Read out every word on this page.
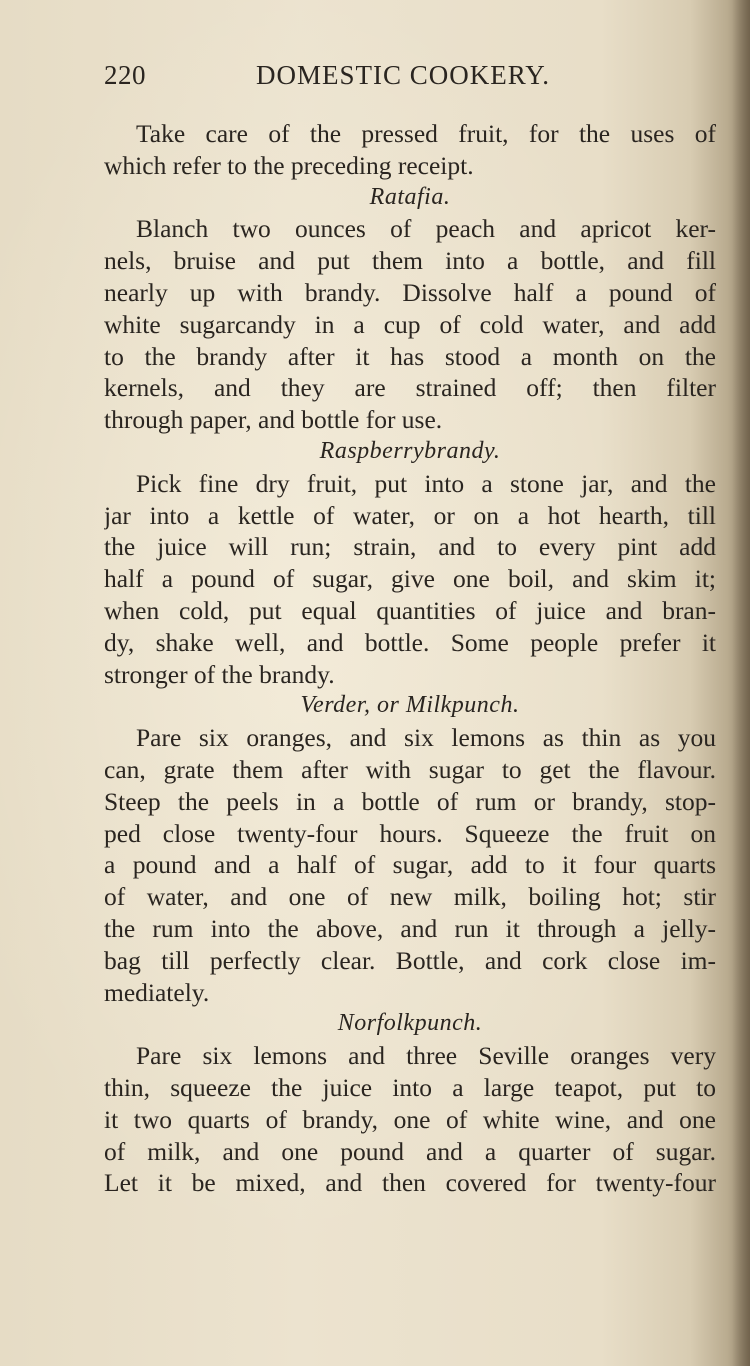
220	DOMESTIC COOKERY.

Take care of the pressed fruit, for the uses of
which refer to the preceding receipt.

Ratafia.

Blanch two ounces of peach and apricot ker-
nels, bruise and put them into a bottle, and fill
nearly up with brandy. Dissolve half a pound of
white sugarcandy in a cup of cold water, and add
to the brandy after it has stood a month on the
kernels, and they are strained off; then filter
through paper, and bottle for use.

Raspberrybrandy.

Pick fine dry fruit, put into a stone jar, and the
jar into a kettle of water, or on a hot hearth, till
the juice will run; strain, and to every pint add
half a pound of sugar, give one boil, and skim it;
when cold, put equal quantities of juice and bran-
dy, shake well, and bottle. Some people prefer it
stronger of the brandy.

Verder, or Milkpunch.

Pare six oranges, and six lemons as thin as you
can, grate them after with sugar to get the flavour.
Steep the peels in a bottle of rum or brandy, stop-
ped close twenty-four hours. Squeeze the fruit on
a pound and a half of sugar, add to it four quarts
of water, and one of new milk, boiling hot; stir
the rum into the above, and run it through a jelly-
bag till perfectly clear. Bottle, and cork close im-
mediately.

Norfolkpunch.

Pare six lemons and three Seville oranges very
thin, squeeze the juice into a large teapot, put to
it two quarts of brandy, one of white wine, and one
of milk, and one pound and a quarter of sugar.
Let it be mixed, and then covered for twenty-four
